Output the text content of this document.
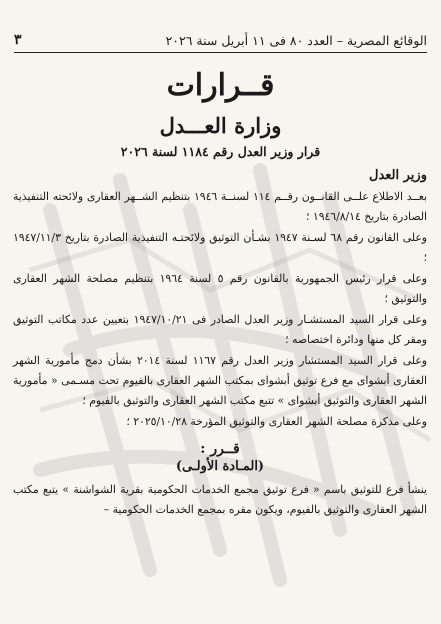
٣	الوقائع المصرية – العدد ٨٠ فى ١١ أبريل سنة ٢٠٢٦
قــرارات
وزارة العـــدل
قرار وزير العدل رقم ١١٨٤ لسنة ٢٠٢٦
وزير العدل

بعــد الاطلاع علــى القانــون رقــم ١١٤ لسنــة ١٩٤٦ بتنظيم الشــهر العقارى ولائحته التنفيذية الصادرة بتاريخ ١٩٤٦/٨/١٤ ؛

وعلى القانون رقم ٦٨ لسـنة ١٩٤٧ بشـأن التوثيق ولائحتـه التنفيذية الصادرة بتاريخ ١٩٤٧/١١/٣ ؛

وعلى قرار رئيس الجمهورية بالقانون رقم ٥ لسنة ١٩٦٤ بتنظيم مصلحة الشهر العقارى والتوثيق ؛

وعلى قرار السيد المستشـار وزير العدل الصادر فى ١٩٤٧/١٠/٢١ بتعيين عدد مكاتب التوثيق ومقر كل منها ودائرة اختصاصه ؛

وعلى قرار السيد المستشار وزير العدل رقم ١١٦٧ لسنة ٢٠١٤ بشأن دمج مأمورية الشهر العقارى أبشواى مع فرع توثيق أبشواى بمكتب الشهر العقارى بالفيوم تحت مسـمى « مأمورية الشهر العقارى والتوثيق أبشواى » تتبع مكتب الشهر العقارى والتوثيق بالفيوم ؛

وعلى مذكرة مصلحة الشهر العقارى والتوثيق المؤرخة ٢٠٢٥/١٠/٢٨ ؛

قــرر :
(المـادة الأولـى)

ينشأ فرع للتوثيق باسم « فرع توثيق مجمع الخدمات الحكومية بقرية الشواشنة » يتبع مكتب الشهر العقارى والتوثيق بالفيوم، ويكون مقره بمجمع الخدمات الحكومية –
